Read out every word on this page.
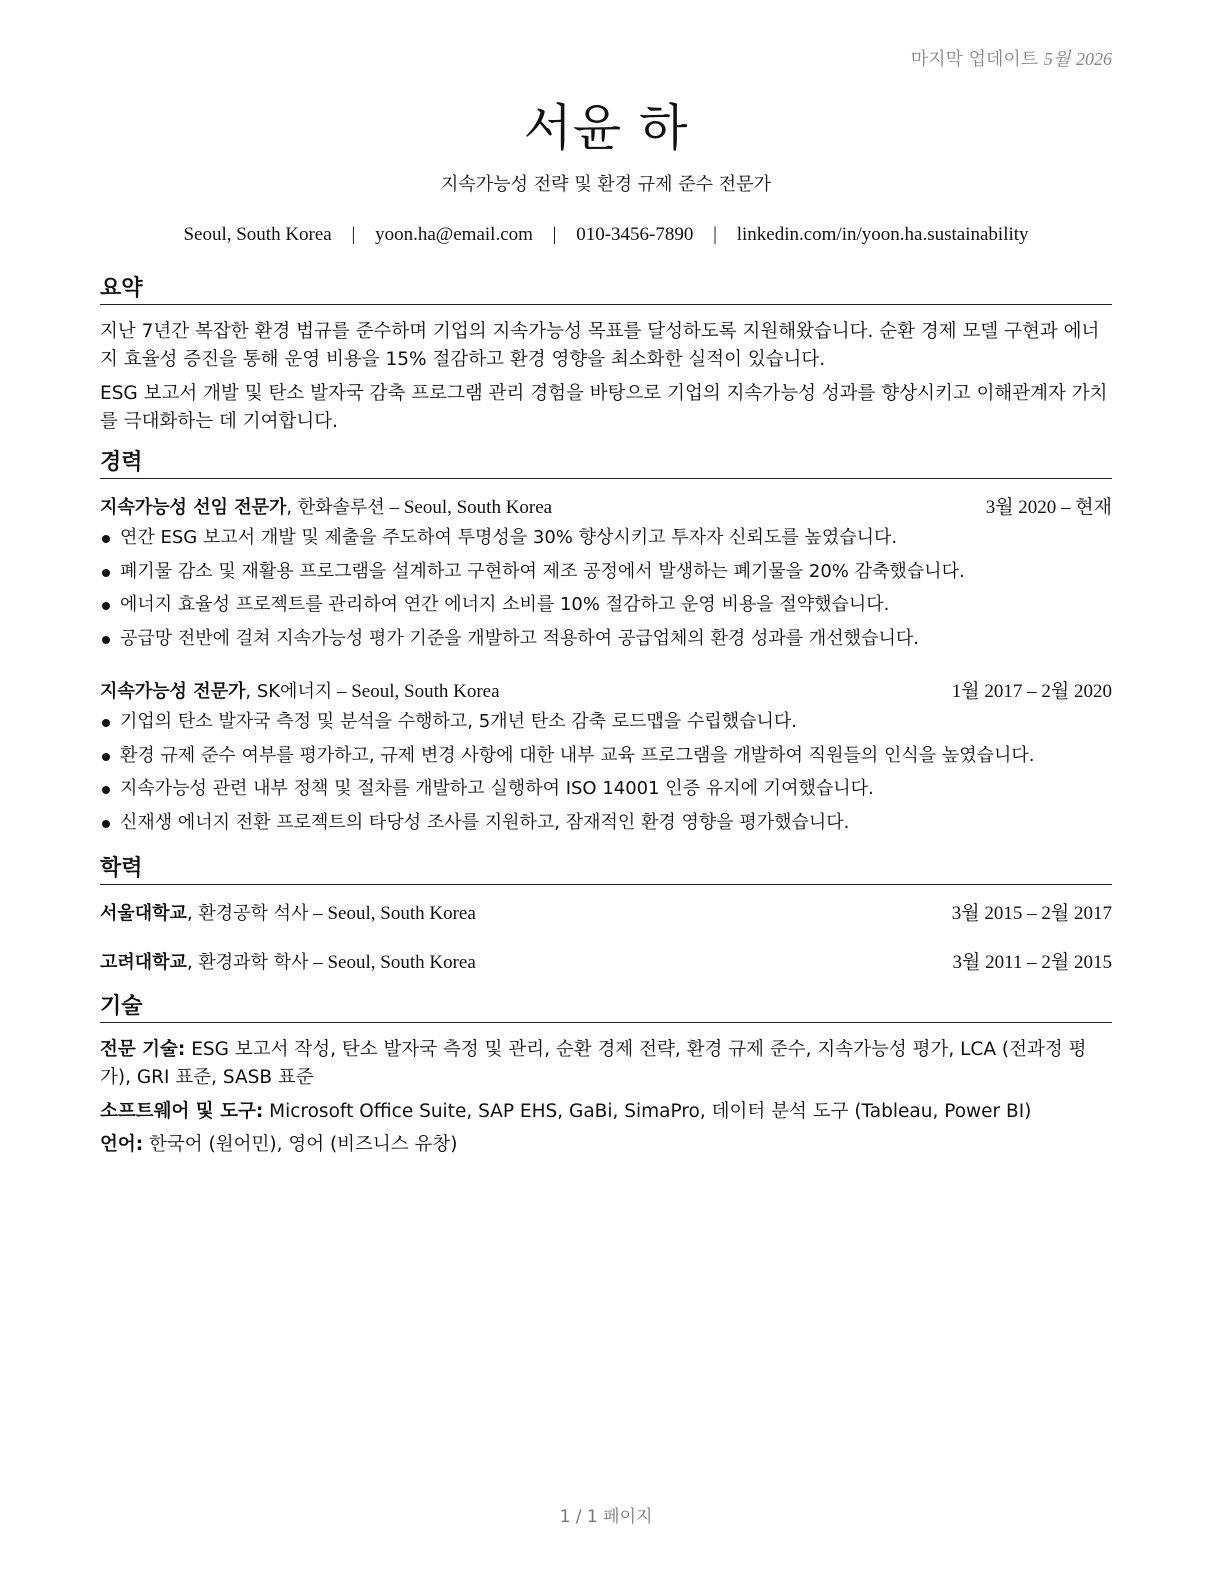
마지막 업데이트 5월 2026
서윤 하
지속가능성 전략 및 환경 규제 준수 전문가
Seoul, South Korea | yoon.ha@email.com | 010-3456-7890 | linkedin.com/in/yoon.ha.sustainability
요약
지난 7년간 복잡한 환경 법규를 준수하며 기업의 지속가능성 목표를 달성하도록 지원해왔습니다. 순환 경제 모델 구현과 에너지 효율성 증진을 통해 운영 비용을 15% 절감하고 환경 영향을 최소화한 실적이 있습니다.
ESG 보고서 개발 및 탄소 발자국 감축 프로그램 관리 경험을 바탕으로 기업의 지속가능성 성과를 향상시키고 이해관계자 가치를 극대화하는 데 기여합니다.
경력
지속가능성 선임 전문가, 한화솔루션 – Seoul, South Korea	3월 2020 – 현재
연간 ESG 보고서 개발 및 제출을 주도하여 투명성을 30% 향상시키고 투자자 신뢰도를 높였습니다.
폐기물 감소 및 재활용 프로그램을 설계하고 구현하여 제조 공정에서 발생하는 폐기물을 20% 감축했습니다.
에너지 효율성 프로젝트를 관리하여 연간 에너지 소비를 10% 절감하고 운영 비용을 절약했습니다.
공급망 전반에 걸쳐 지속가능성 평가 기준을 개발하고 적용하여 공급업체의 환경 성과를 개선했습니다.
지속가능성 전문가, SK에너지 – Seoul, South Korea	1월 2017 – 2월 2020
기업의 탄소 발자국 측정 및 분석을 수행하고, 5개년 탄소 감축 로드맵을 수립했습니다.
환경 규제 준수 여부를 평가하고, 규제 변경 사항에 대한 내부 교육 프로그램을 개발하여 직원들의 인식을 높였습니다.
지속가능성 관련 내부 정책 및 절차를 개발하고 실행하여 ISO 14001 인증 유지에 기여했습니다.
신재생 에너지 전환 프로젝트의 타당성 조사를 지원하고, 잠재적인 환경 영향을 평가했습니다.
학력
서울대학교, 환경공학 석사 – Seoul, South Korea	3월 2015 – 2월 2017
고려대학교, 환경과학 학사 – Seoul, South Korea	3월 2011 – 2월 2015
기술
전문 기술: ESG 보고서 작성, 탄소 발자국 측정 및 관리, 순환 경제 전략, 환경 규제 준수, 지속가능성 평가, LCA (전과정 평가), GRI 표준, SASB 표준
소프트웨어 및 도구: Microsoft Office Suite, SAP EHS, GaBi, SimaPro, 데이터 분석 도구 (Tableau, Power BI)
언어: 한국어 (원어민), 영어 (비즈니스 유창)
1 / 1 페이지
